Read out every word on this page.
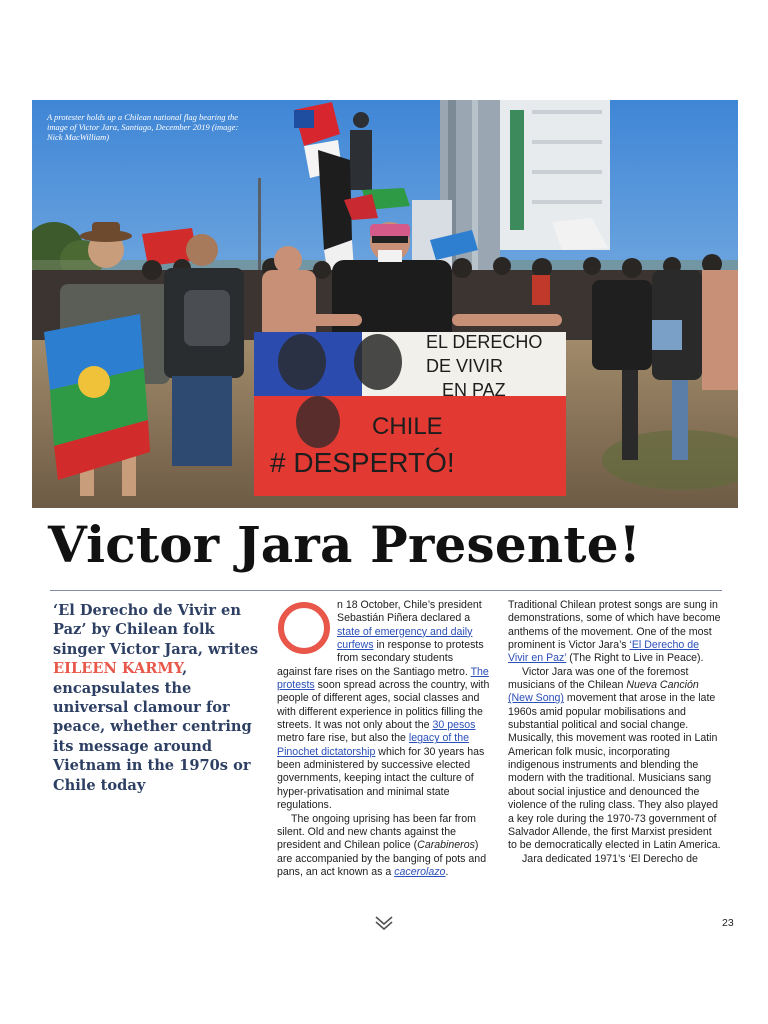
EL DERECHO
DE VIVIR
EN PAZ
CHILE
# DESPERTÓ!
A protester holds up a Chilean national flag bearing the image of Victor Jara, Santiago, December 2019 (image: Nick MacWilliam)
Victor Jara Presente!
‘El Derecho de Vivir en Paz’ by Chilean folk singer Victor Jara, writes EILEEN KARMY, encapsulates the universal clamour for peace, whether centring its message around Vietnam in the 1970s or Chile today

n 18 October, Chile’s president Sebastián Piñera declared a state of emergency and daily curfews in response to protests from secondary students against fare rises on the Santiago metro. The protests soon spread across the country, with people of different ages, social classes and with different experience in politics filling the streets. It was not only about the 30 pesos metro fare rise, but also the legacy of the Pinochet dictatorship which for 30 years has been administered by successive elected governments, keeping intact the culture of hyper-privatisation and minimal state regulations.

The ongoing uprising has been far from silent. Old and new chants against the president and Chilean police (Carabineros) are accompanied by the banging of pots and pans, an act known as a cacerolazo.

Traditional Chilean protest songs are sung in demonstrations, some of which have become anthems of the movement. One of the most prominent is Victor Jara’s ‘El Derecho de Vivir en Paz’ (The Right to Live in Peace).

Victor Jara was one of the foremost musicians of the Chilean Nueva Canción (New Song) movement that arose in the late 1960s amid popular mobilisations and substantial political and social change. Musically, this movement was rooted in Latin American folk music, incorporating indigenous instruments and blending the modern with the traditional. Musicians sang about social injustice and denounced the violence of the ruling class. They also played a key role during the 1970-73 government of Salvador Allende, the first Marxist president to be democratically elected in Latin America.

Jara dedicated 1971’s ‘El Derecho de

23
